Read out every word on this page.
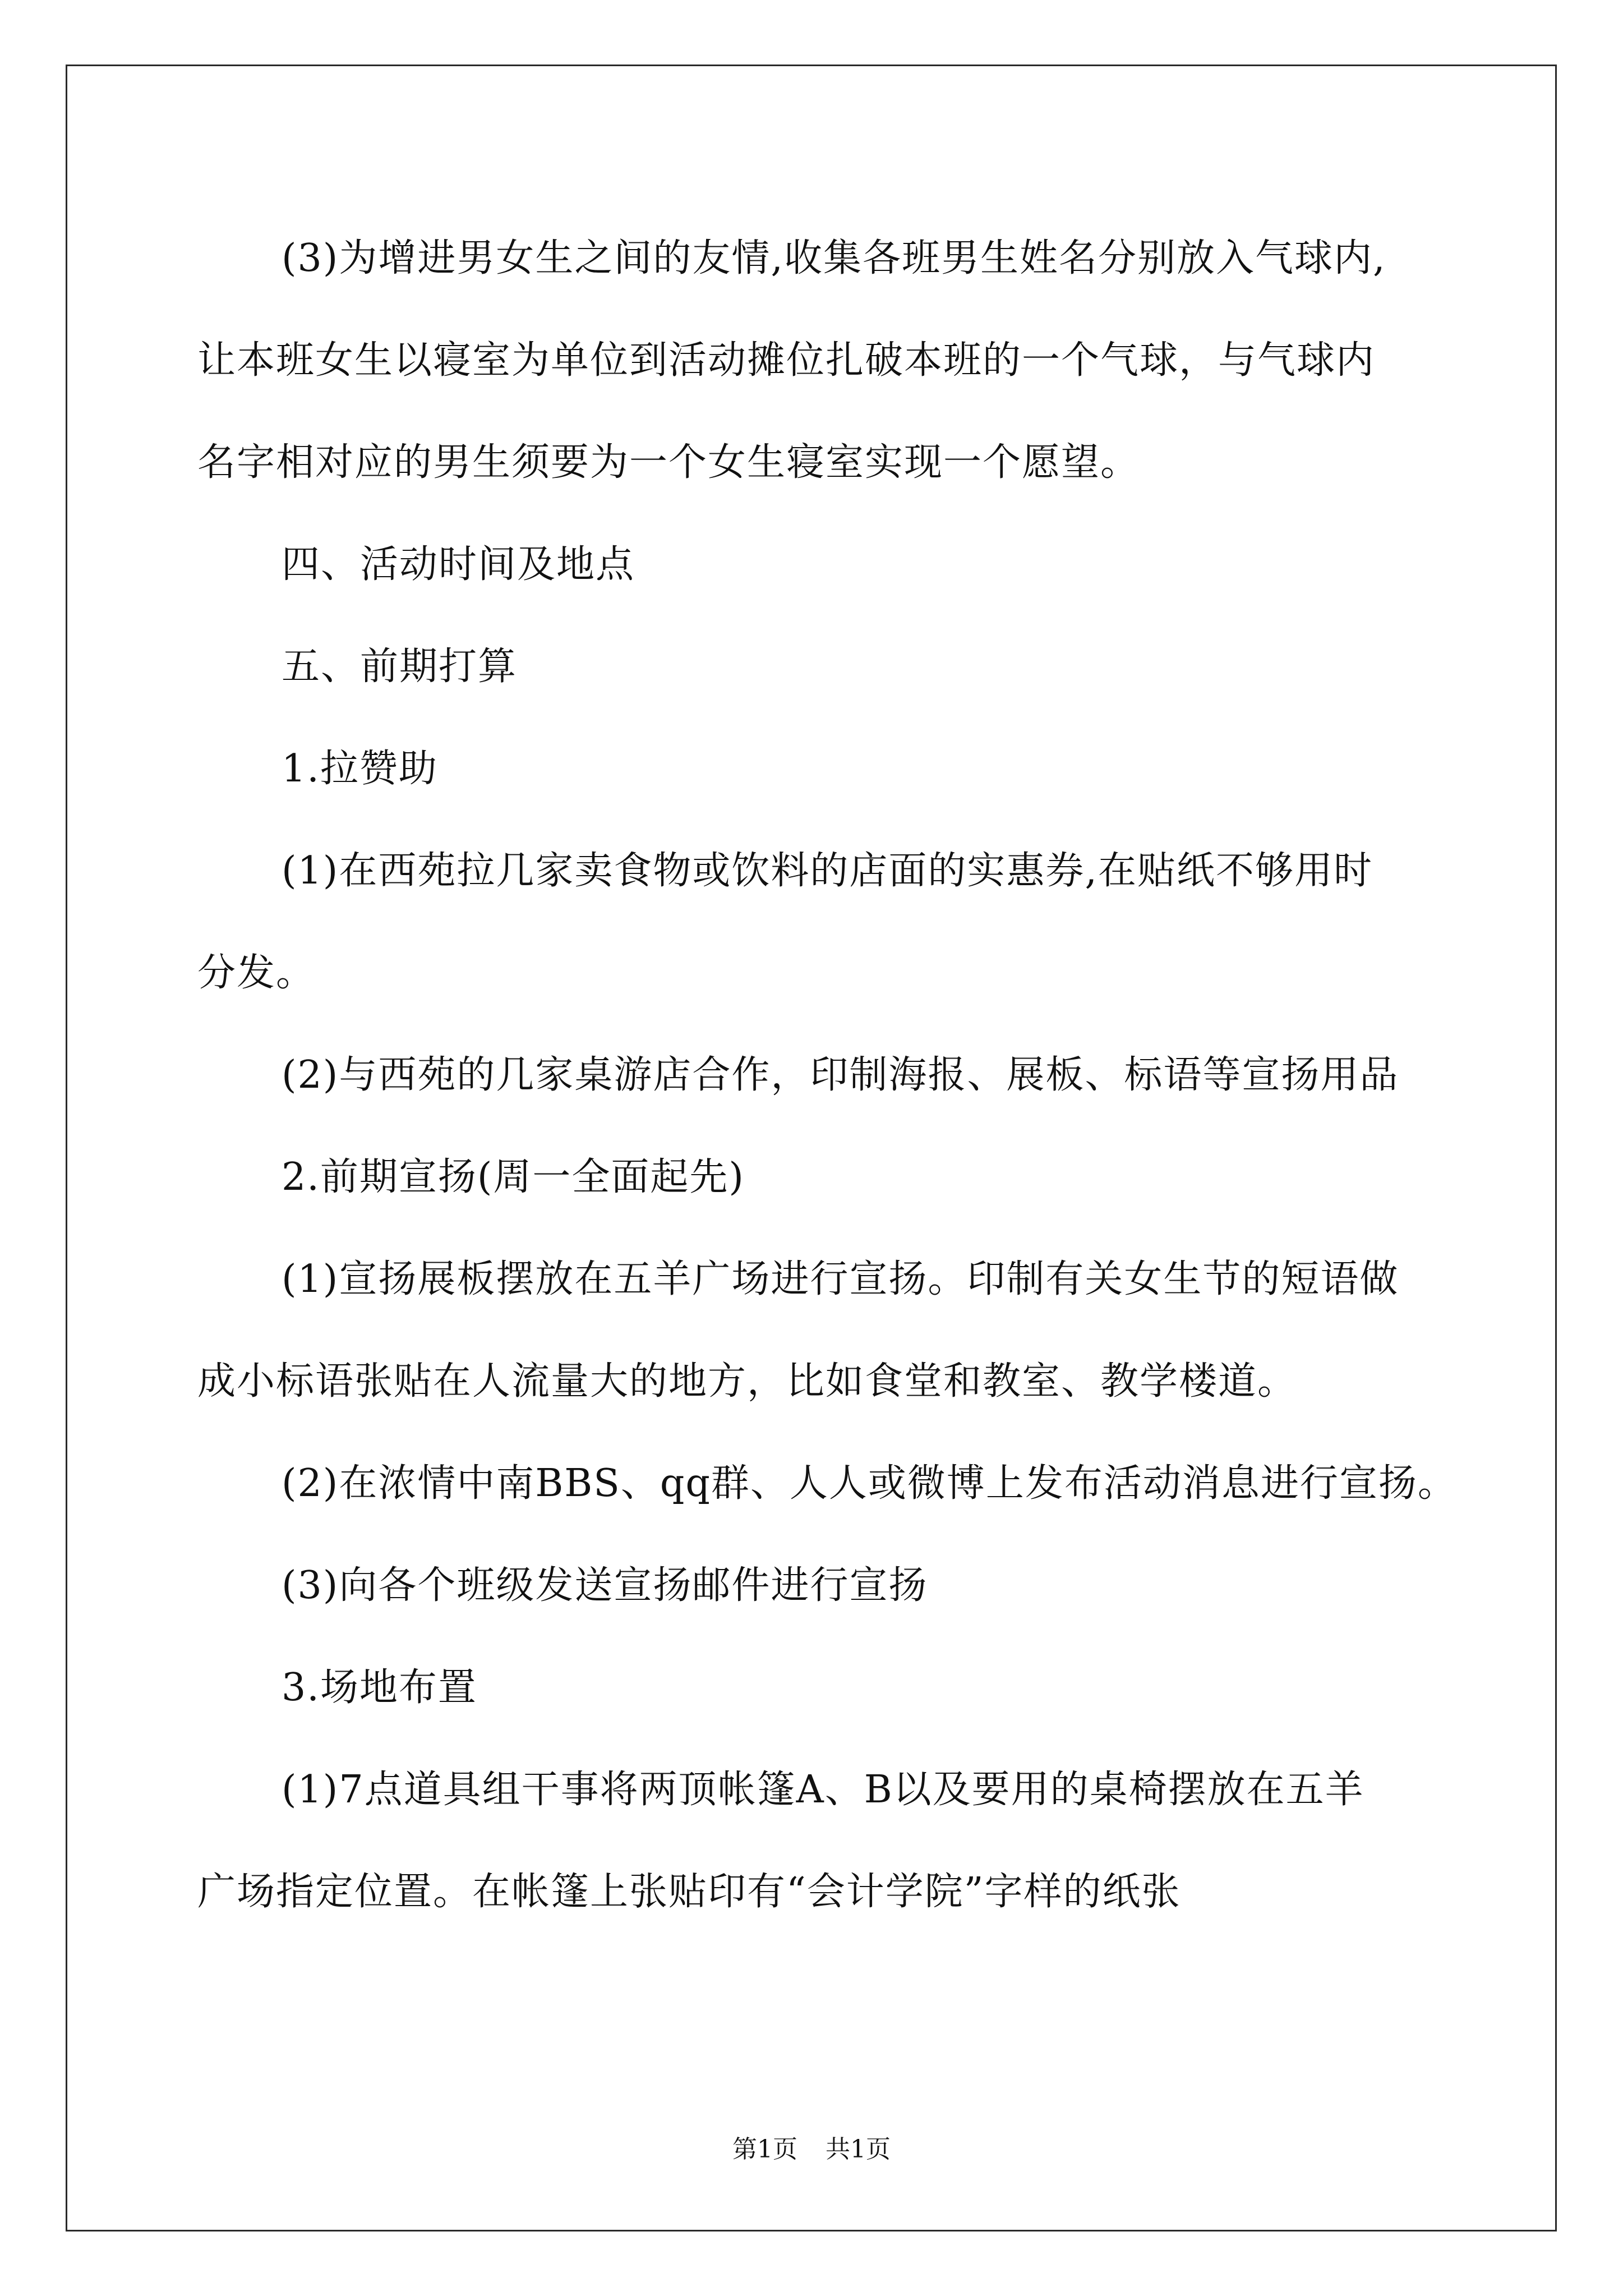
(3)为增进男女生之间的友情,收集各班男生姓名分别放入气球内,
让本班女生以寝室为单位到活动摊位扎破本班的一个气球，与气球内
名字相对应的男生须要为一个女生寝室实现一个愿望。

四、活动时间及地点

五、前期打算

1.拉赞助

(1)在西苑拉几家卖食物或饮料的店面的实惠券,在贴纸不够用时
分发。

(2)与西苑的几家桌游店合作，印制海报、展板、标语等宣扬用品

2.前期宣扬(周一全面起先)

(1)宣扬展板摆放在五羊广场进行宣扬。印制有关女生节的短语做
成小标语张贴在人流量大的地方，比如食堂和教室、教学楼道。

(2)在浓情中南BBS、qq群、人人或微博上发布活动消息进行宣扬。

(3)向各个班级发送宣扬邮件进行宣扬

3.场地布置

(1)7点道具组干事将两顶帐篷A、B以及要用的桌椅摆放在五羊
广场指定位置。在帐篷上张贴印有“会计学院”字样的纸张

第1页 共1页
